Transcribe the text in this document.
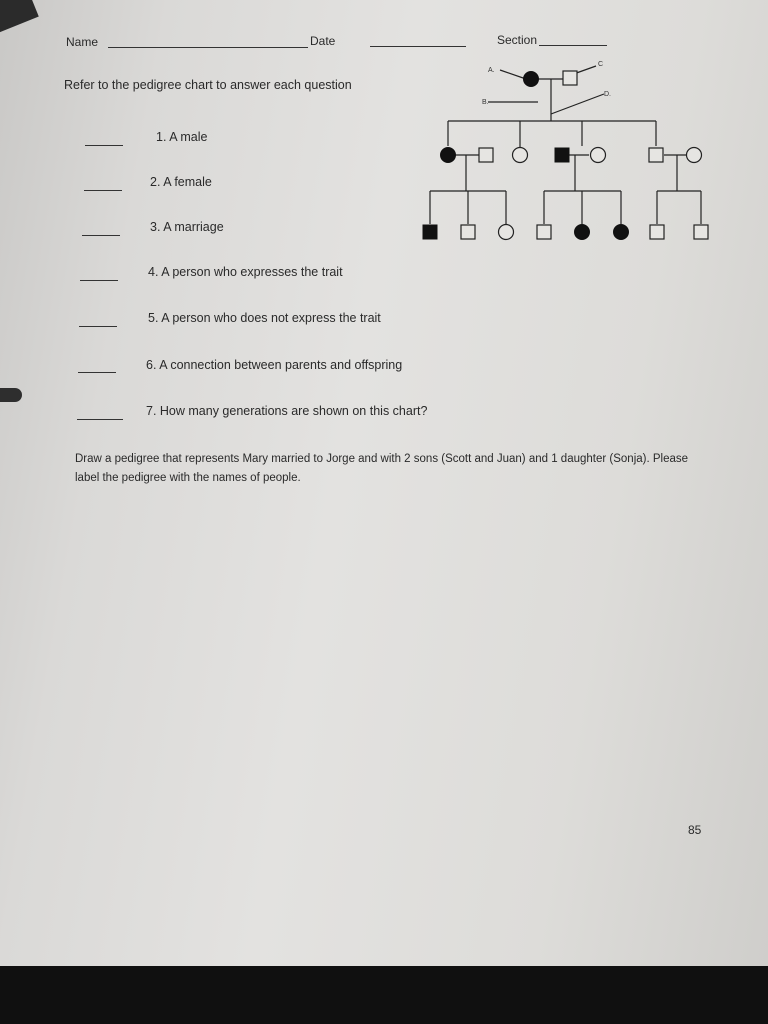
Name	Date	Section
Refer to the pedigree chart to answer each question
1. A male
2. A female
3. A marriage
4. A person who expresses the trait
5. A person who does not express the trait
6. A connection between parents and offspring
7. How many generations are shown on this chart?
Draw a pedigree that represents Mary married to Jorge and with 2 sons (Scott and Juan) and 1 daughter (Sonja). Please label the pedigree with the names of people.
85
A.
B.
C
D.
